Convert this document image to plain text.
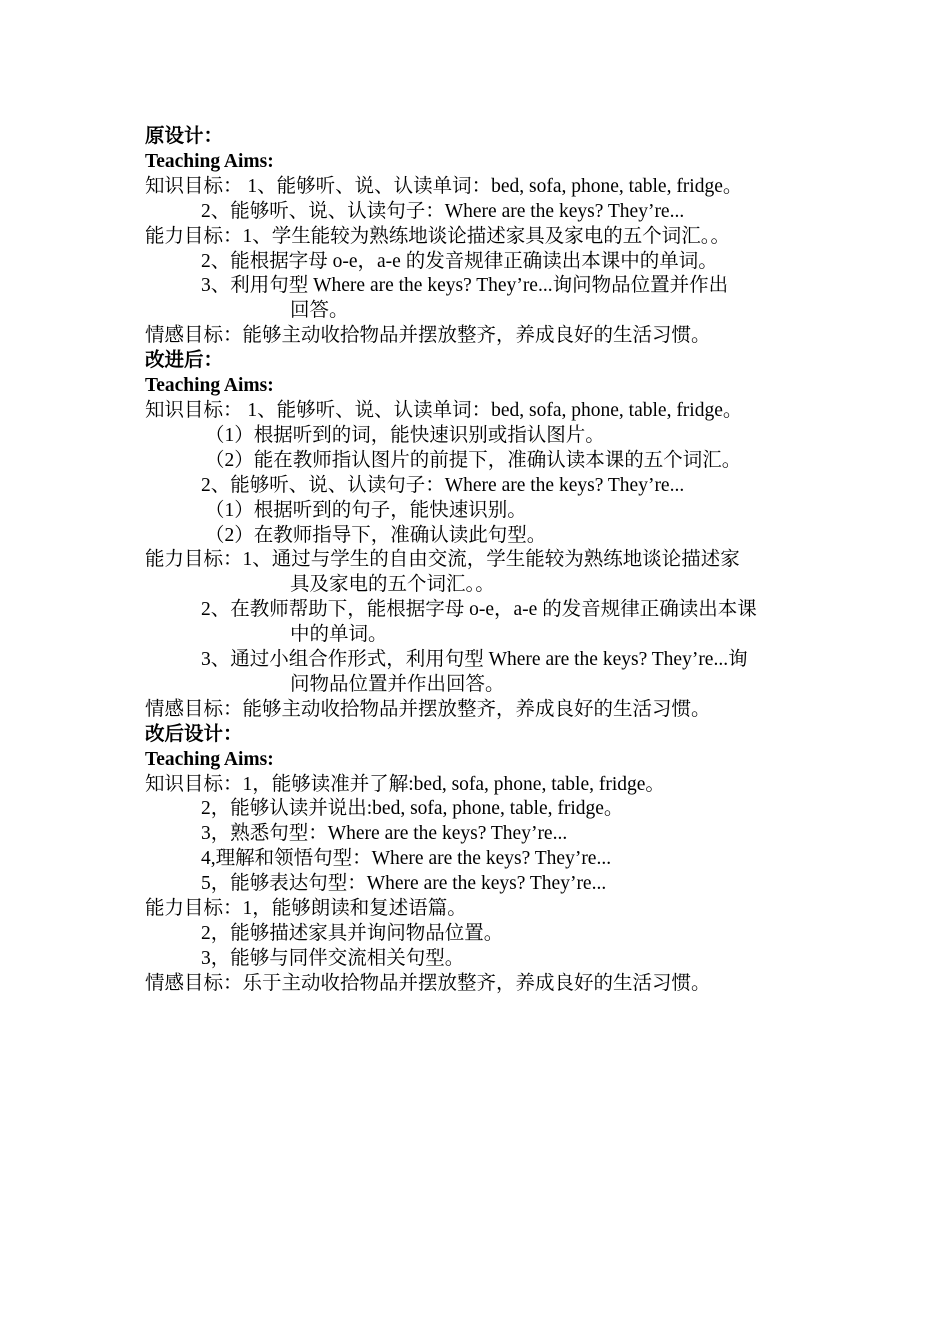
原设计：
Teaching Aims:
知识目标： 1、能够听、说、认读单词：bed, sofa, phone, table, fridge。
2、能够听、说、认读句子：Where are the keys? They’re...
能力目标：1、学生能较为熟练地谈论描述家具及家电的五个词汇。。
2、能根据字母 o-e，a-e 的发音规律正确读出本课中的单词。
3、利用句型 Where are the keys? They’re...询问物品位置并作出
回答。
情感目标：能够主动收拾物品并摆放整齐，养成良好的生活习惯。
改进后：
Teaching Aims:
知识目标： 1、能够听、说、认读单词：bed, sofa, phone, table, fridge。
（1）根据听到的词，能快速识别或指认图片。
（2）能在教师指认图片的前提下，准确认读本课的五个词汇。
2、能够听、说、认读句子：Where are the keys? They’re...
（1）根据听到的句子，能快速识别。
（2）在教师指导下，准确认读此句型。
能力目标：1、通过与学生的自由交流，学生能较为熟练地谈论描述家
具及家电的五个词汇。。
2、在教师帮助下，能根据字母 o-e，a-e 的发音规律正确读出本课
中的单词。
3、通过小组合作形式，利用句型 Where are the keys? They’re...询
问物品位置并作出回答。
情感目标：能够主动收拾物品并摆放整齐，养成良好的生活习惯。
改后设计：
Teaching Aims:
知识目标：1，能够读准并了解:bed, sofa, phone, table, fridge。
2，能够认读并说出:bed, sofa, phone, table, fridge。
3，熟悉句型：Where are the keys? They’re...
4,理解和领悟句型：Where are the keys? They’re...
5，能够表达句型：Where are the keys? They’re...
能力目标：1，能够朗读和复述语篇。
2，能够描述家具并询问物品位置。
3，能够与同伴交流相关句型。
情感目标：乐于主动收拾物品并摆放整齐，养成良好的生活习惯。
